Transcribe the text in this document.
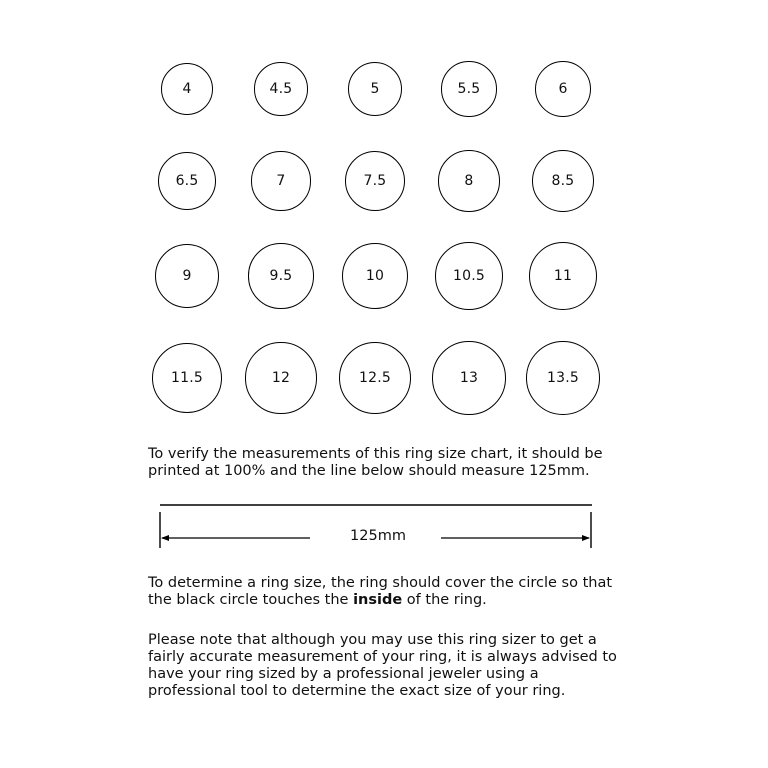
4	4.5	5	5.5	6
6.5	7	7.5	8	8.5
9	9.5	10	10.5	11
11.5	12	12.5	13	13.5
To verify the measurements of this ring size chart, it should be printed at 100% and the line below should measure 125mm.
125mm
To determine a ring size, the ring should cover the circle so that the black circle touches the inside of the ring.
Please note that although you may use this ring sizer to get a fairly accurate measurement of your ring, it is always advised to have your ring sized by a professional jeweler using a professional tool to determine the exact size of your ring.
